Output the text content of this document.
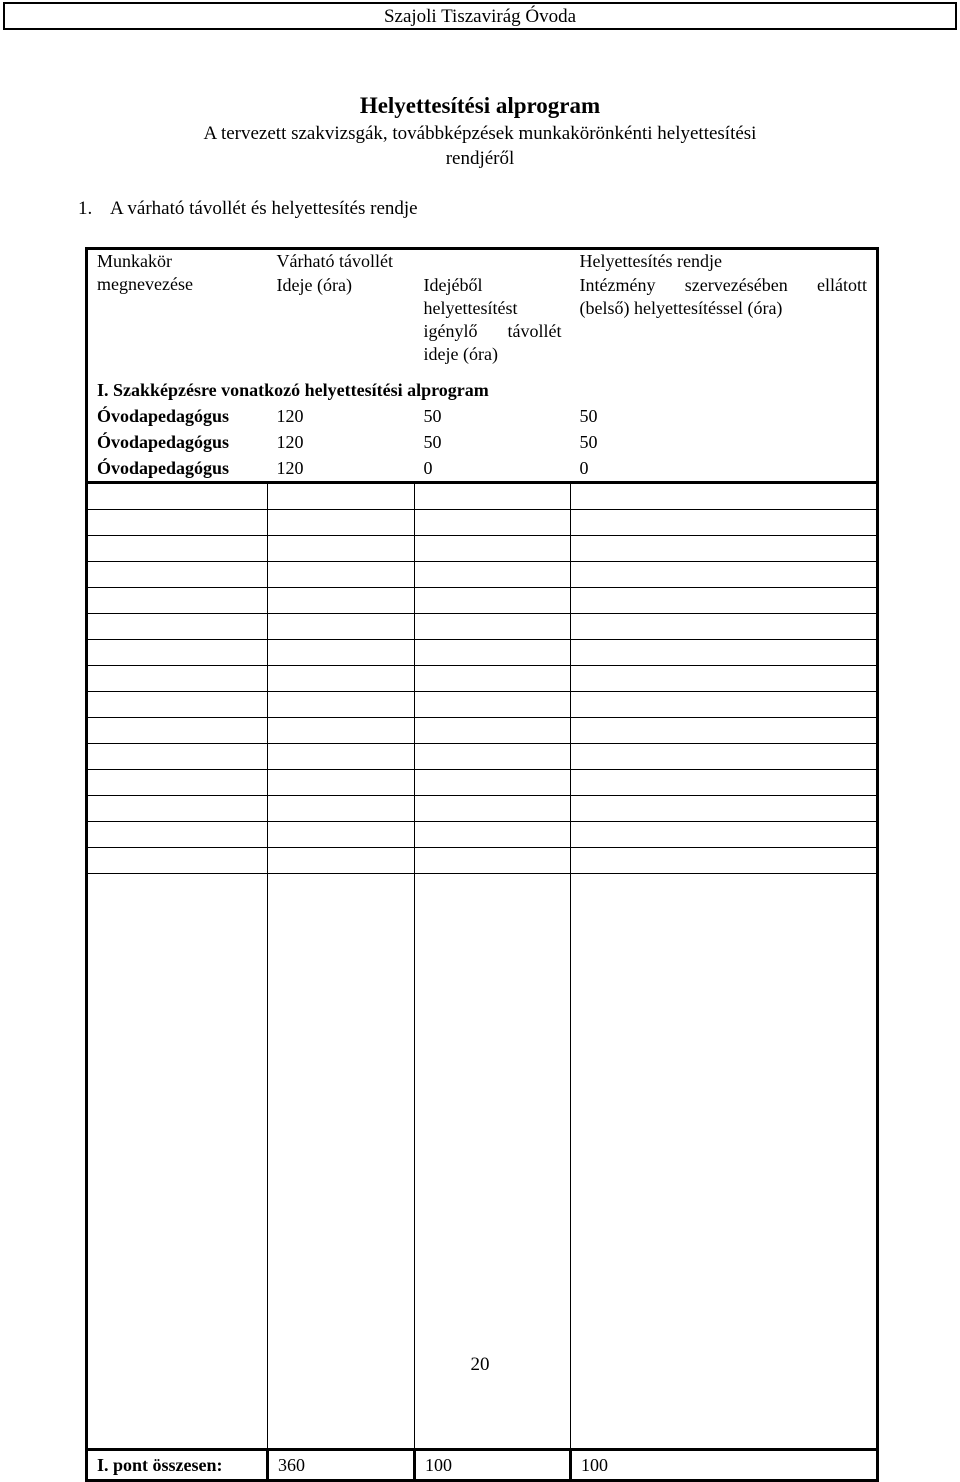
Szajoli Tiszavirág Óvoda
Helyettesítési alprogram
A tervezett szakvizsgák, továbbképzések munkakörönkénti helyettesítési rendjéről
1. A várható távollét és helyettesítés rendje
Munkakör
megnevezése	Várható távollét		Helyettesítés rendje
	Ideje (óra)	Idejéből helyettesítést igénylő távollét ideje (óra)	Intézmény szervezésében ellátott (belső) helyettesítéssel (óra)
I. Szakképzésre vonatkozó helyettesítési alprogram			
Óvodapedagógus	120	50	50
Óvodapedagógus	120	50	50
Óvodapedagógus	120	0	0

I. pont összesen:	360	100	100
20
